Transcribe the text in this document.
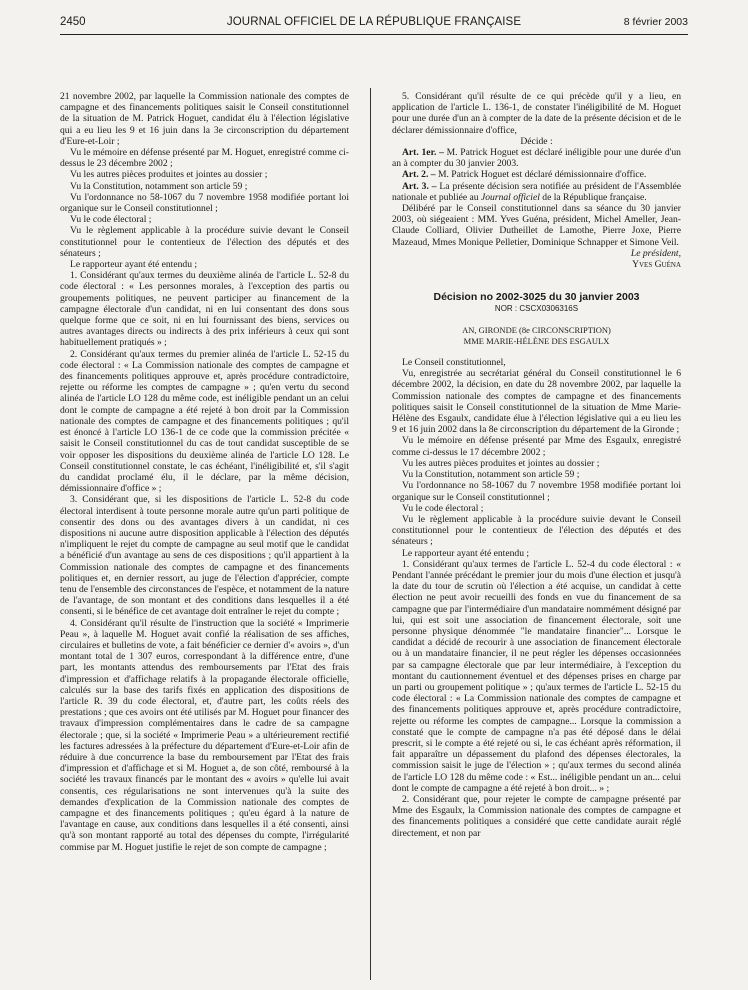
2450	JOURNAL OFFICIEL DE LA RÉPUBLIQUE FRANÇAISE	8 février 2003

21 novembre 2002, par laquelle la Commission nationale des comptes de campagne et des financements politiques saisit le Conseil constitutionnel de la situation de M. Patrick Hoguet, candidat élu à l'élection législative qui a eu lieu les 9 et 16 juin dans la 3e circonscription du département d'Eure-et-Loir ;

Vu le mémoire en défense présenté par M. Hoguet, enregistré comme ci-dessus le 23 décembre 2002 ;

Vu les autres pièces produites et jointes au dossier ;

Vu la Constitution, notamment son article 59 ;

Vu l'ordonnance no 58-1067 du 7 novembre 1958 modifiée portant loi organique sur le Conseil constitutionnel ;

Vu le code électoral ;

Vu le règlement applicable à la procédure suivie devant le Conseil constitutionnel pour le contentieux de l'élection des députés et des sénateurs ;

Le rapporteur ayant été entendu ;

1. Considérant qu'aux termes du deuxième alinéa de l'article L. 52-8 du code électoral : « Les personnes morales, à l'exception des partis ou groupements politiques, ne peuvent participer au financement de la campagne électorale d'un candidat, ni en lui consentant des dons sous quelque forme que ce soit, ni en lui fournissant des biens, services ou autres avantages directs ou indirects à des prix inférieurs à ceux qui sont habituellement pratiqués » ;

2. Considérant qu'aux termes du premier alinéa de l'article L. 52-15 du code électoral : « La Commission nationale des comptes de campagne et des financements politiques approuve et, après procédure contradictoire, rejette ou réforme les comptes de campagne » ; qu'en vertu du second alinéa de l'article LO 128 du même code, est inéligible pendant un an celui dont le compte de campagne a été rejeté à bon droit par la Commission nationale des comptes de campagne et des financements politiques ; qu'il est énoncé à l'article LO 136-1 de ce code que la commission précitée « saisit le Conseil constitutionnel du cas de tout candidat susceptible de se voir opposer les dispositions du deuxième alinéa de l'article LO 128. Le Conseil constitutionnel constate, le cas échéant, l'inéligibilité et, s'il s'agit du candidat proclamé élu, il le déclare, par la même décision, démissionnaire d'office » ;

3. Considérant que, si les dispositions de l'article L. 52-8 du code électoral interdisent à toute personne morale autre qu'un parti politique de consentir des dons ou des avantages divers à un candidat, ni ces dispositions ni aucune autre disposition applicable à l'élection des députés n'impliquent le rejet du compte de campagne au seul motif que le candidat a bénéficié d'un avantage au sens de ces dispositions ; qu'il appartient à la Commission nationale des comptes de campagne et des financements politiques et, en dernier ressort, au juge de l'élection d'apprécier, compte tenu de l'ensemble des circonstances de l'espèce, et notamment de la nature de l'avantage, de son montant et des conditions dans lesquelles il a été consenti, si le bénéfice de cet avantage doit entraîner le rejet du compte ;

4. Considérant qu'il résulte de l'instruction que la société « Imprimerie Peau », à laquelle M. Hoguet avait confié la réalisation de ses affiches, circulaires et bulletins de vote, a fait bénéficier ce dernier d'« avoirs », d'un montant total de 1 307 euros, correspondant à la différence entre, d'une part, les montants attendus des remboursements par l'Etat des frais d'impression et d'affichage relatifs à la propagande électorale officielle, calculés sur la base des tarifs fixés en application des dispositions de l'article R. 39 du code électoral, et, d'autre part, les coûts réels des prestations ; que ces avoirs ont été utilisés par M. Hoguet pour financer des travaux d'impression complémentaires dans le cadre de sa campagne électorale ; que, si la société « Imprimerie Peau » a ultérieurement rectifié les factures adressées à la préfecture du département d'Eure-et-Loir afin de réduire à due concurrence la base du remboursement par l'Etat des frais d'impression et d'affichage et si M. Hoguet a, de son côté, remboursé à la société les travaux financés par le montant des « avoirs » qu'elle lui avait consentis, ces régularisations ne sont intervenues qu'à la suite des demandes d'explication de la Commission nationale des comptes de campagne et des financements politiques ; qu'eu égard à la nature de l'avantage en cause, aux conditions dans lesquelles il a été consenti, ainsi qu'à son montant rapporté au total des dépenses du compte, l'irrégularité commise par M. Hoguet justifie le rejet de son compte de campagne ;

5. Considérant qu'il résulte de ce qui précède qu'il y a lieu, en application de l'article L. 136-1, de constater l'inéligibilité de M. Hoguet pour une durée d'un an à compter de la date de la présente décision et de le déclarer démissionnaire d'office,

Décide :

Art. 1er. – M. Patrick Hoguet est déclaré inéligible pour une durée d'un an à compter du 30 janvier 2003.

Art. 2. – M. Patrick Hoguet est déclaré démissionnaire d'office.

Art. 3. – La présente décision sera notifiée au président de l'Assemblée nationale et publiée au Journal officiel de la République française.

Délibéré par le Conseil constitutionnel dans sa séance du 30 janvier 2003, où siégeaient : MM. Yves Guéna, président, Michel Ameller, Jean-Claude Colliard, Olivier Dutheillet de Lamothe, Pierre Joxe, Pierre Mazeaud, Mmes Monique Pelletier, Dominique Schnapper et Simone Veil.

Le président,

Yves Guéna

Décision no 2002-3025 du 30 janvier 2003

NOR : CSCX0306316S

AN, GIRONDE (8e CIRCONSCRIPTION)

MME MARIE-HÉLÈNE DES ESGAULX

Le Conseil constitutionnel,

Vu, enregistrée au secrétariat général du Conseil constitutionnel le 6 décembre 2002, la décision, en date du 28 novembre 2002, par laquelle la Commission nationale des comptes de campagne et des financements politiques saisit le Conseil constitutionnel de la situation de Mme Marie-Hélène des Esgaulx, candidate élue à l'élection législative qui a eu lieu les 9 et 16 juin 2002 dans la 8e circonscription du département de la Gironde ;

Vu le mémoire en défense présenté par Mme des Esgaulx, enregistré comme ci-dessus le 17 décembre 2002 ;

Vu les autres pièces produites et jointes au dossier ;

Vu la Constitution, notamment son article 59 ;

Vu l'ordonnance no 58-1067 du 7 novembre 1958 modifiée portant loi organique sur le Conseil constitutionnel ;

Vu le code électoral ;

Vu le règlement applicable à la procédure suivie devant le Conseil constitutionnel pour le contentieux de l'élection des députés et des sénateurs ;

Le rapporteur ayant été entendu ;

1. Considérant qu'aux termes de l'article L. 52-4 du code électoral : « Pendant l'année précédant le premier jour du mois d'une élection et jusqu'à la date du tour de scrutin où l'élection a été acquise, un candidat à cette élection ne peut avoir recueilli des fonds en vue du financement de sa campagne que par l'intermédiaire d'un mandataire nommément désigné par lui, qui est soit une association de financement électorale, soit une personne physique dénommée "le mandataire financier"... Lorsque le candidat a décidé de recourir à une association de financement électorale ou à un mandataire financier, il ne peut régler les dépenses occasionnées par sa campagne électorale que par leur intermédiaire, à l'exception du montant du cautionnement éventuel et des dépenses prises en charge par un parti ou groupement politique » ; qu'aux termes de l'article L. 52-15 du code électoral : « La Commission nationale des comptes de campagne et des financements politiques approuve et, après procédure contradictoire, rejette ou réforme les comptes de campagne... Lorsque la commission a constaté que le compte de campagne n'a pas été déposé dans le délai prescrit, si le compte a été rejeté ou si, le cas échéant après réformation, il fait apparaître un dépassement du plafond des dépenses électorales, la commission saisit le juge de l'élection » ; qu'aux termes du second alinéa de l'article LO 128 du même code : « Est... inéligible pendant un an... celui dont le compte de campagne a été rejeté à bon droit... » ;

2. Considérant que, pour rejeter le compte de campagne présenté par Mme des Esgaulx, la Commission nationale des comptes de campagne et des financements politiques a considéré que cette candidate aurait réglé directement, et non par
